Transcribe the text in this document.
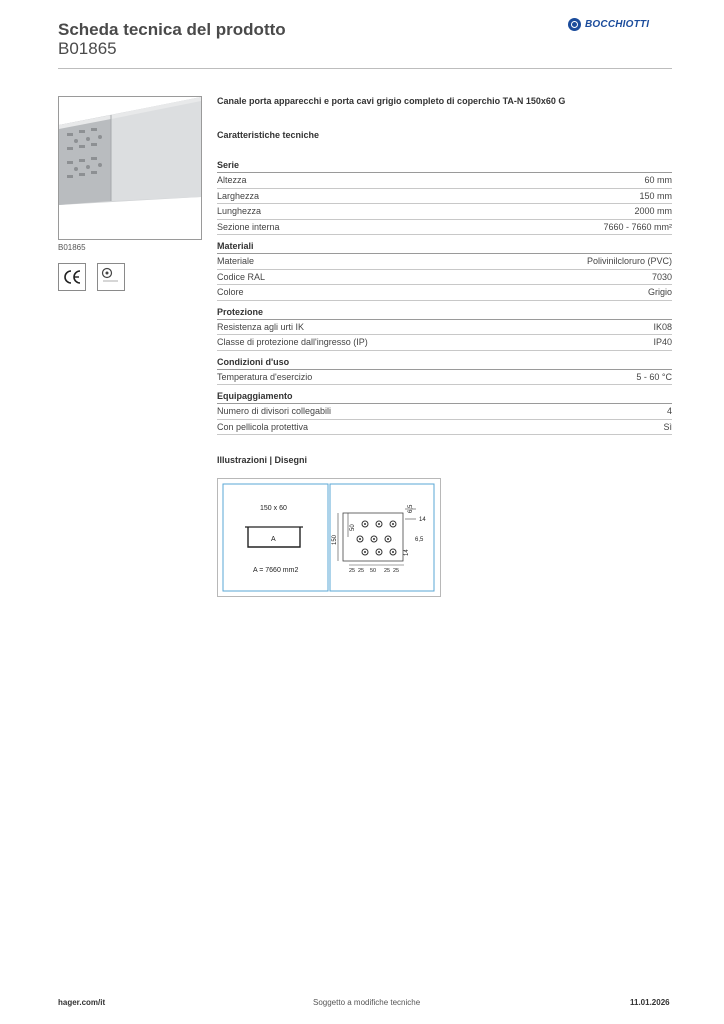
Scheda tecnica del prodotto
B01865
BOCCHIOTTI
B01865
Canale porta apparecchi e porta cavi grigio completo di coperchio TA-N 150x60 G
Caratteristiche tecniche
Serie
Altezza	60 mm
Larghezza	150 mm
Lunghezza	2000 mm
Sezione interna	7660 - 7660 mm²
Materiali
Materiale	Polivinilcloruro (PVC)
Codice RAL	7030
Colore	Grigio
Protezione
Resistenza agli urti IK	IK08
Classe di protezione dall'ingresso (IP)	IP40
Condizioni d'uso
Temperatura d'esercizio	5 - 60 °C
Equipaggiamento
Numero di divisori collegabili	4
Con pellicola protettiva	Sì
Illustrazioni | Disegni
150 x 60
A
A = 7660 mm2
150
50
6,5
14
6,5
14
25 25 50 25 25
hager.com/it	Soggetto a modifiche tecniche	11.01.2026
